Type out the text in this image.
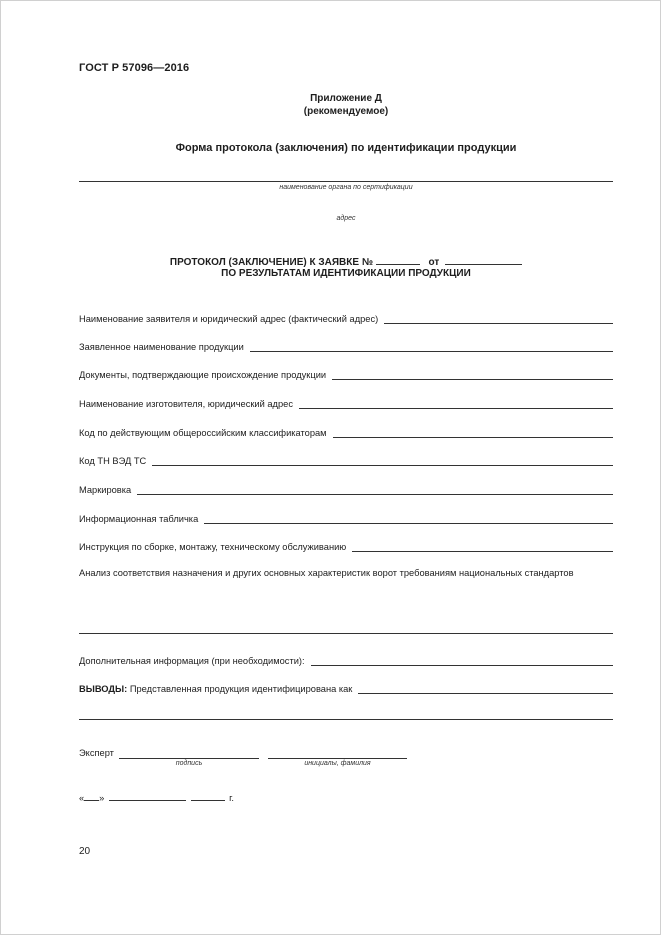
ГОСТ Р 57096—2016
Приложение Д
(рекомендуемое)
Форма протокола (заключения) по идентификации продукции
наименование органа по сертификации
адрес
ПРОТОКОЛ (ЗАКЛЮЧЕНИЕ) К ЗАЯВКЕ №	от
ПО РЕЗУЛЬТАТАМ ИДЕНТИФИКАЦИИ ПРОДУКЦИИ
Наименование заявителя и юридический адрес (фактический адрес)
Заявленное наименование продукции
Документы, подтверждающие происхождение продукции
Наименование изготовителя, юридический адрес
Код по действующим общероссийским классификаторам
Код ТН ВЭД ТС
Маркировка
Информационная табличка
Инструкция по сборке, монтажу, техническому обслуживанию
Анализ соответствия назначения и других основных характеристик ворот требованиям национальных стандартов
Дополнительная информация (при необходимости):
ВЫВОДЫ: Представленная продукция идентифицирована как
Эксперт
подпись	инициалы, фамилия
« »	г.
20
